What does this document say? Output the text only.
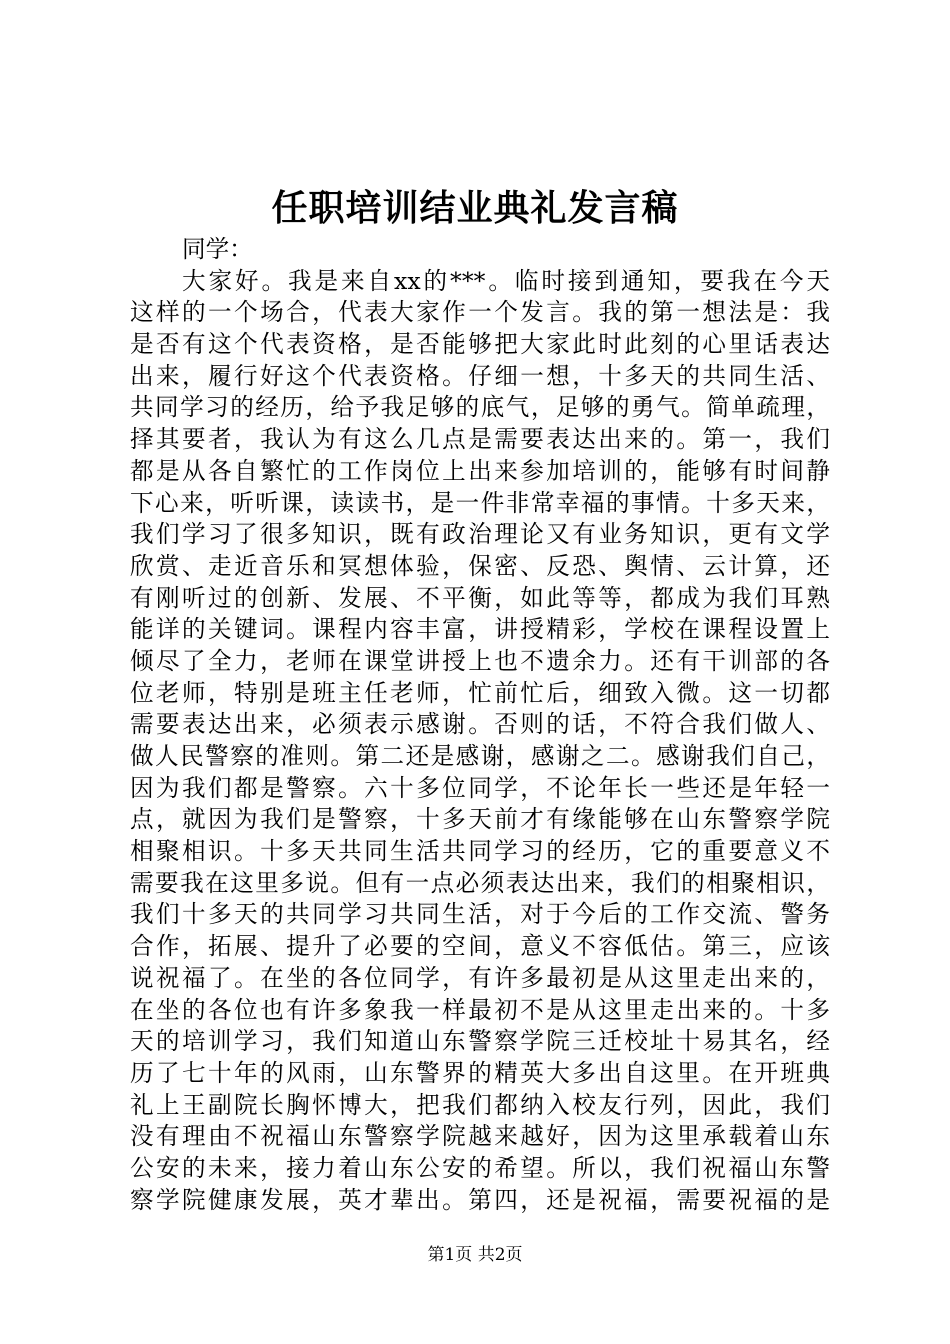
任职培训结业典礼发言稿
同学：
大家好。我是来自xx的***。临时接到通知，要我在今天
这样的一个场合，代表大家作一个发言。我的第一想法是：我
是否有这个代表资格，是否能够把大家此时此刻的心里话表达
出来，履行好这个代表资格。仔细一想，十多天的共同生活、
共同学习的经历，给予我足够的底气，足够的勇气。简单疏理，
择其要者，我认为有这么几点是需要表达出来的。第一，我们
都是从各自繁忙的工作岗位上出来参加培训的，能够有时间静
下心来，听听课，读读书，是一件非常幸福的事情。十多天来，
我们学习了很多知识，既有政治理论又有业务知识，更有文学
欣赏、走近音乐和冥想体验，保密、反恐、舆情、云计算，还
有刚听过的创新、发展、不平衡，如此等等，都成为我们耳熟
能详的关键词。课程内容丰富，讲授精彩，学校在课程设置上
倾尽了全力，老师在课堂讲授上也不遗余力。还有干训部的各
位老师，特别是班主任老师，忙前忙后，细致入微。这一切都
需要表达出来，必须表示感谢。否则的话，不符合我们做人、
做人民警察的准则。第二还是感谢，感谢之二。感谢我们自己，
因为我们都是警察。六十多位同学，不论年长一些还是年轻一
点，就因为我们是警察，十多天前才有缘能够在山东警察学院
相聚相识。十多天共同生活共同学习的经历，它的重要意义不
需要我在这里多说。但有一点必须表达出来，我们的相聚相识，
我们十多天的共同学习共同生活，对于今后的工作交流、警务
合作，拓展、提升了必要的空间，意义不容低估。第三，应该
说祝福了。在坐的各位同学，有许多最初是从这里走出来的，
在坐的各位也有许多象我一样最初不是从这里走出来的。十多
天的培训学习，我们知道山东警察学院三迁校址十易其名，经
历了七十年的风雨，山东警界的精英大多出自这里。在开班典
礼上王副院长胸怀博大，把我们都纳入校友行列，因此，我们
没有理由不祝福山东警察学院越来越好，因为这里承载着山东
公安的未来，接力着山东公安的希望。所以，我们祝福山东警
察学院健康发展，英才辈出。第四，还是祝福，需要祝福的是
第1页 共2页
